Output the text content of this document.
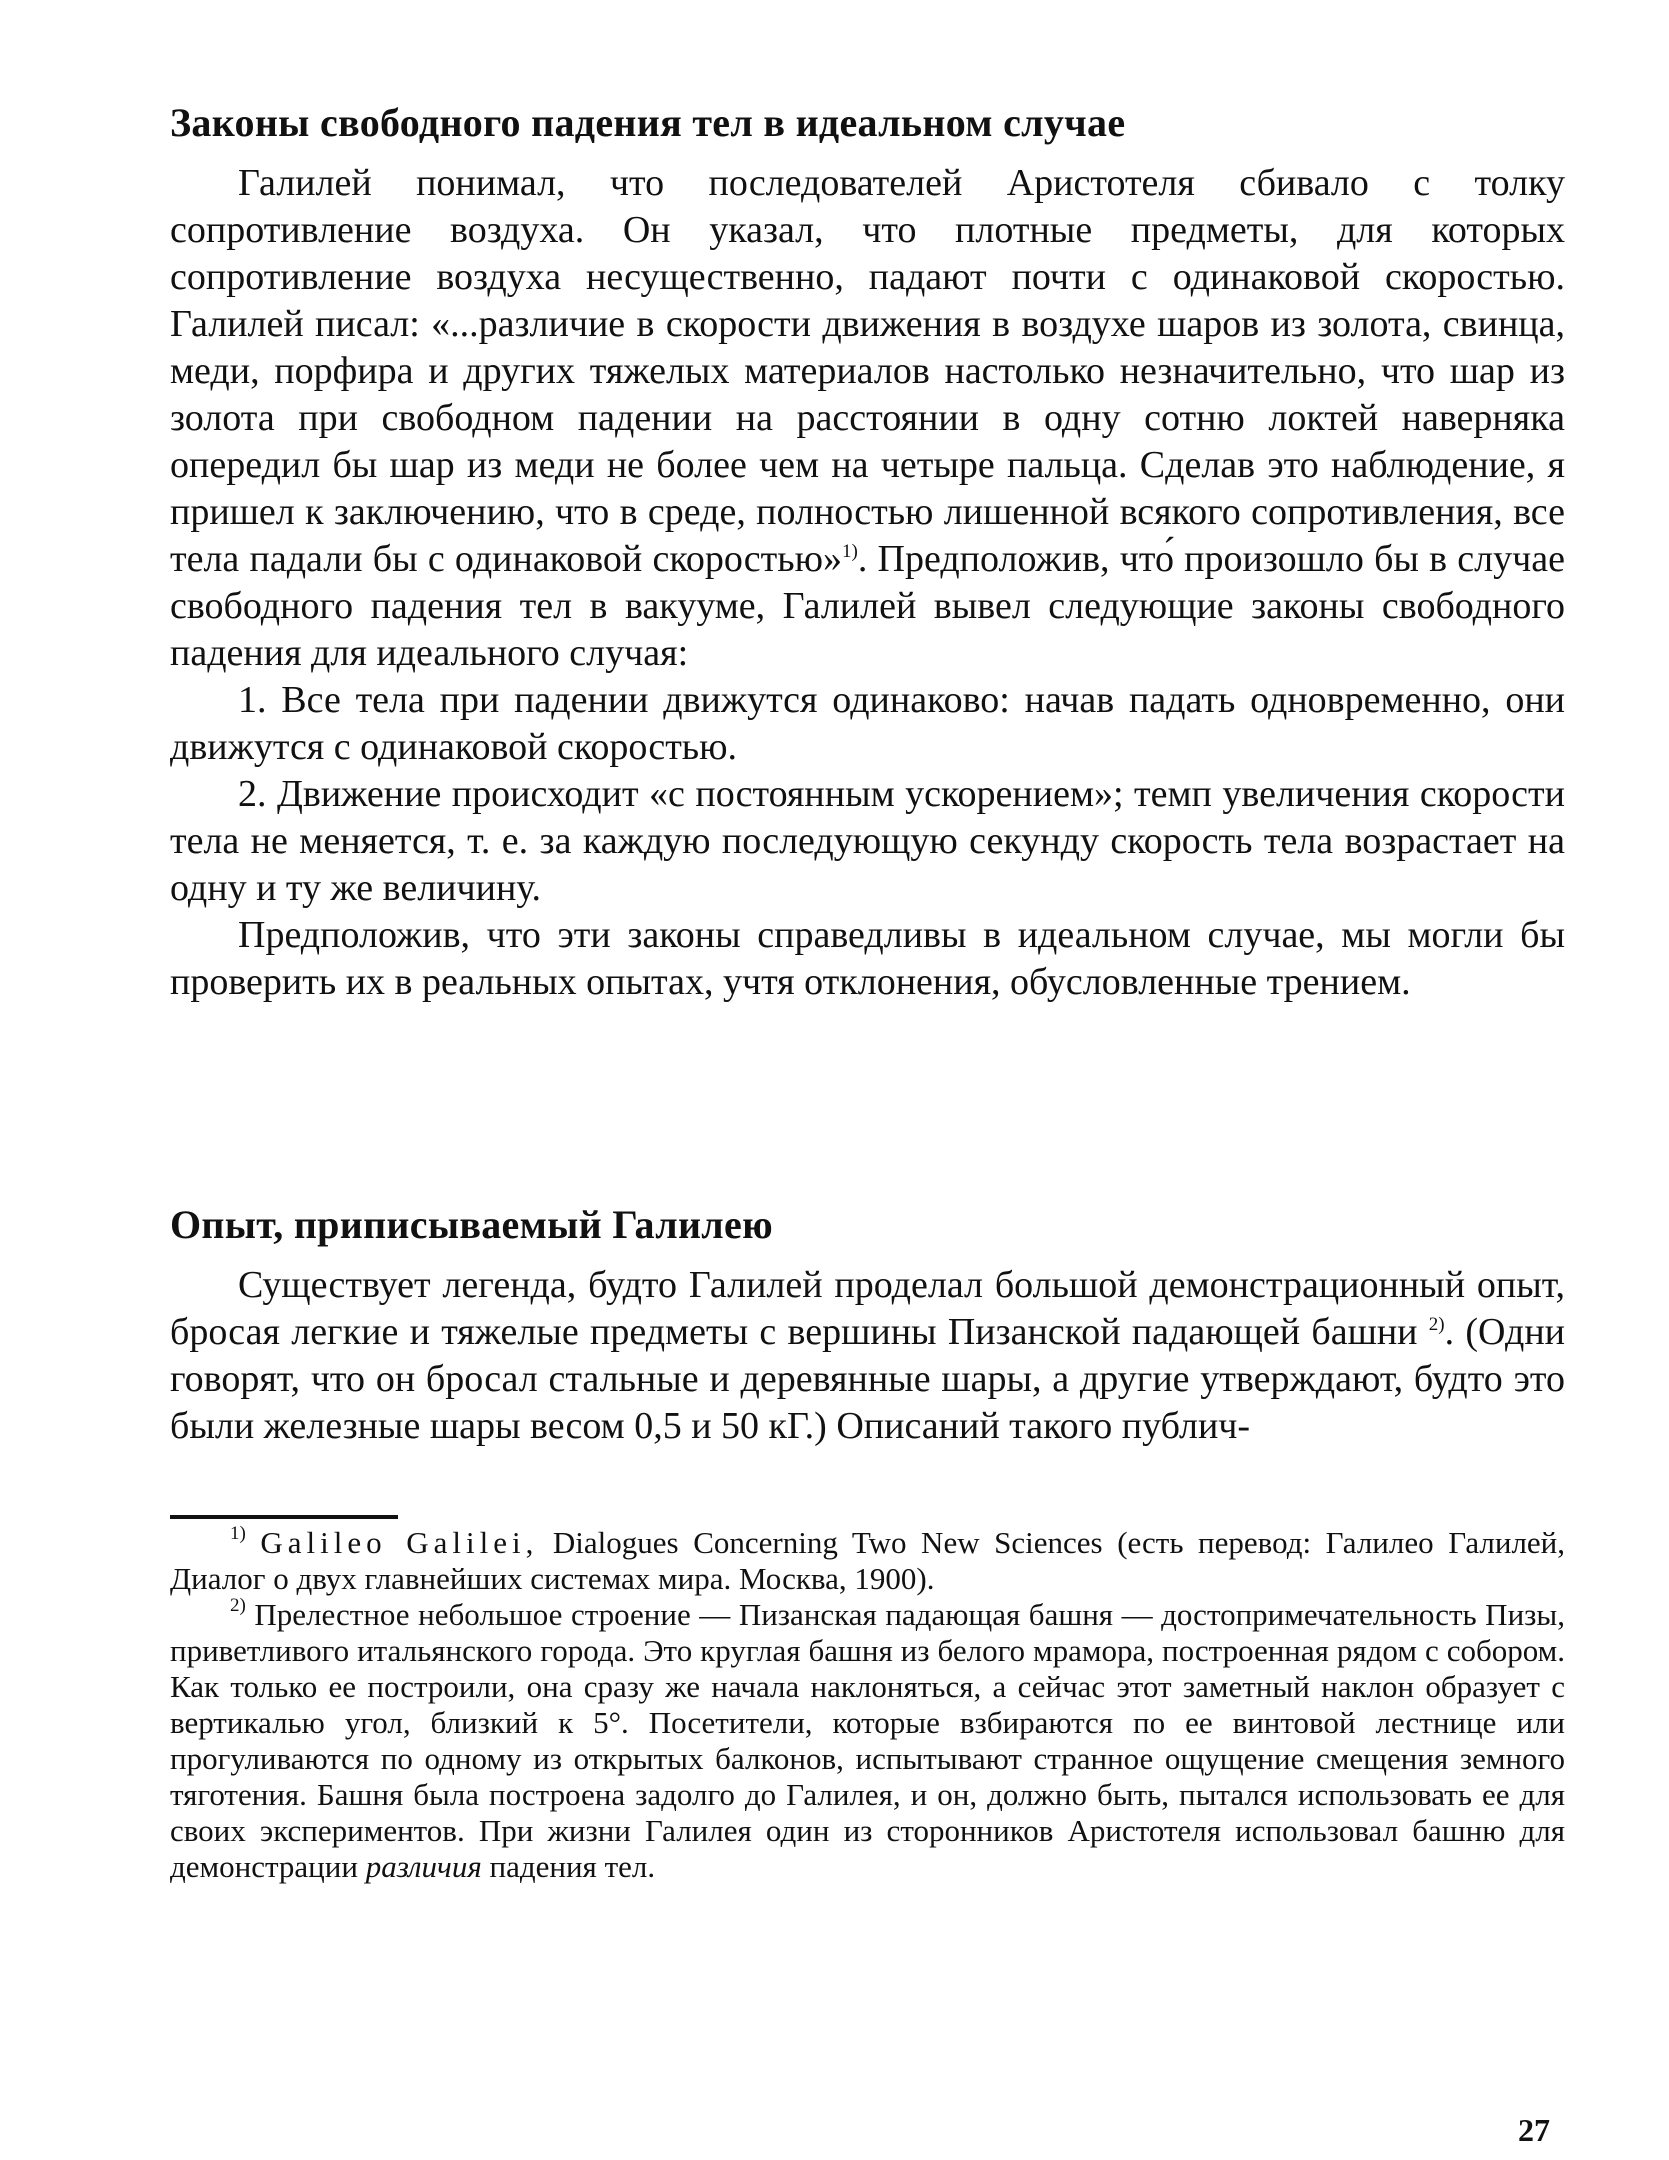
Законы свободного падения тел в идеальном случае

Галилей понимал, что последователей Аристотеля сбивало с толку сопротивление воздуха. Он указал, что плотные предметы, для которых сопротивление воздуха несущественно, падают почти с одинаковой скоростью. Галилей писал: «...различие в скорости движения в воздухе шаров из золота, свинца, меди, порфира и других тяжелых материалов настолько незначительно, что шар из золота при свободном падении на расстоянии в одну сотню локтей наверняка опередил бы шар из меди не более чем на четыре пальца. Сделав это наблюдение, я пришел к заключению, что в среде, полностью лишенной всякого сопротивления, все тела падали бы с одинаковой скоростью»$^{1)}$. Предположив, что́ произошло бы в случае свободного падения тел в вакууме, Галилей вывел следующие законы свободного падения для идеального случая:

1. Все тела при падении движутся одинаково: начав падать одновременно, они движутся с одинаковой скоростью.

2. Движение происходит «с постоянным ускорением»; темп увеличения скорости тела не меняется, т. е. за каждую последующую секунду скорость тела возрастает на одну и ту же величину.

Предположив, что эти законы справедливы в идеальном случае, мы могли бы проверить их в реальных опытах, учтя отклонения, обусловленные трением.

Опыт, приписываемый Галилею

Существует легенда, будто Галилей проделал большой демонстрационный опыт, бросая легкие и тяжелые предметы с вершины Пизанской падающей башни $^{2)}$. (Одни говорят, что он бросал стальные и деревянные шары, а другие утверждают, будто это были железные шары весом 0,5 и 50 кГ.) Описаний такого публич-

$^{1)}$ Galileo Galilei, Dialogues Concerning Two New Sciences (есть перевод: Галилео Галилей, Диалог о двух главнейших системах мира. Москва, 1900).

$^{2)}$ Прелестное небольшое строение — Пизанская падающая башня — достопримечательность Пизы, приветливого итальянского города. Это круглая башня из белого мрамора, построенная рядом с собором. Как только ее построили, она сразу же начала наклоняться, а сейчас этот заметный наклон образует с вертикалью угол, близкий к 5°. Посетители, которые взбираются по ее винтовой лестнице или прогуливаются по одному из открытых балконов, испытывают странное ощущение смещения земного тяготения. Башня была построена задолго до Галилея, и он, должно быть, пытался использовать ее для своих экспериментов. При жизни Галилея один из сторонников Аристотеля использовал башню для демонстрации различия падения тел.

27
